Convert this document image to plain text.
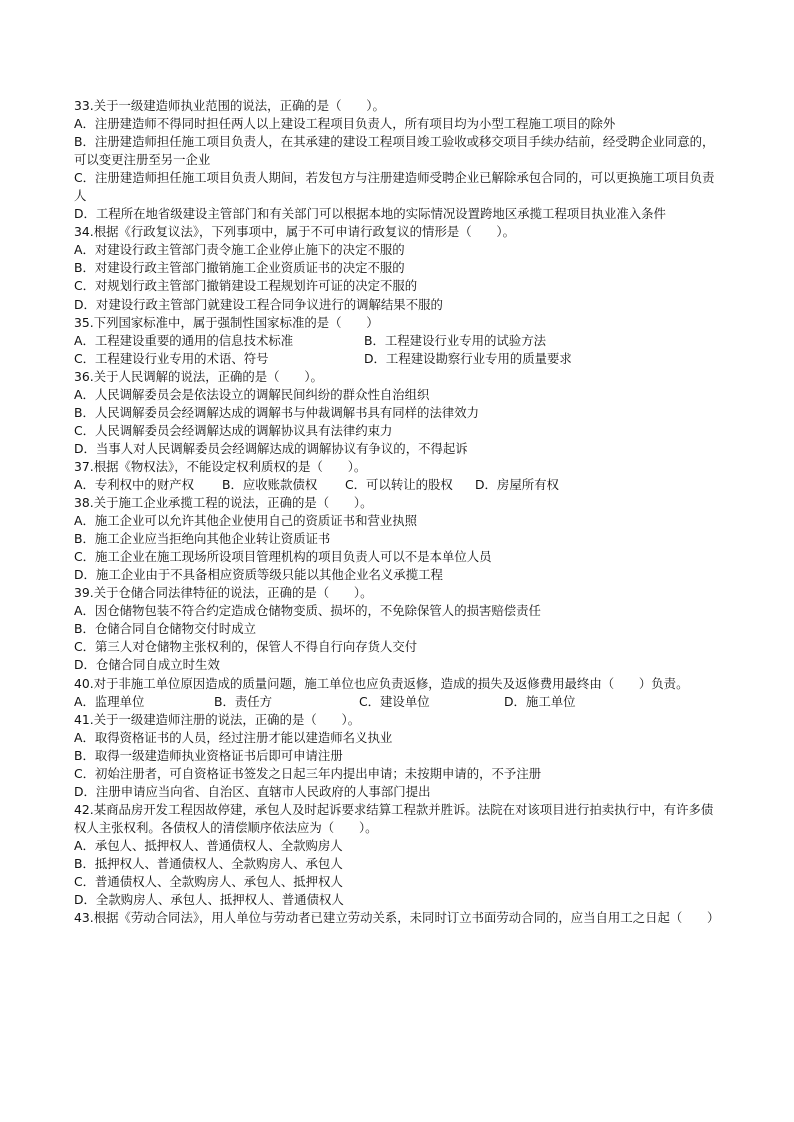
33.关于一级建造师执业范围的说法，正确的是（　　）。
A．注册建造师不得同时担任两人以上建设工程项目负责人，所有项目均为小型工程施工项目的除外
B．注册建造师担任施工项目负责人，在其承建的建设工程项目竣工验收或移交项目手续办结前，经受聘企业同意的，可以变更注册至另一企业
C．注册建造师担任施工项目负责人期间，若发包方与注册建造师受聘企业已解除承包合同的，可以更换施工项目负责人
D．工程所在地省级建设主管部门和有关部门可以根据本地的实际情况设置跨地区承揽工程项目执业准入条件
34.根据《行政复议法》，下列事项中，属于不可申请行政复议的情形是（　　）。
A．对建设行政主管部门责令施工企业停止施下的决定不服的
B．对建设行政主管部门撤销施工企业资质证书的决定不服的
C．对规划行政主管部门撤销建设工程规划许可证的决定不服的
D．对建设行政主管部门就建设工程合同争议进行的调解结果不服的
35.下列国家标准中，属于强制性国家标准的是（　　）
A．工程建设重要的通用的信息技术标准	B．工程建设行业专用的试验方法
C．工程建设行业专用的术语、符号	D．工程建设勘察行业专用的质量要求
36.关于人民调解的说法，正确的是（　　）。
A．人民调解委员会是依法设立的调解民间纠纷的群众性自治组织
B．人民调解委员会经调解达成的调解书与仲裁调解书具有同样的法律效力
C．人民调解委员会经调解达成的调解协议具有法律约束力
D．当事人对人民调解委员会经调解达成的调解协议有争议的，不得起诉
37.根据《物权法》，不能设定权利质权的是（　　）。
A．专利权中的财产权	B．应收账款债权	C．可以转让的股权	D．房屋所有权
38.关于施工企业承揽工程的说法，正确的是（　　）。
A．施工企业可以允许其他企业使用自己的资质证书和营业执照
B．施工企业应当拒绝向其他企业转让资质证书
C．施工企业在施工现场所设项目管理机构的项目负责人可以不是本单位人员
D．施工企业由于不具备相应资质等级只能以其他企业名义承揽工程
39.关于仓储合同法律特征的说法，正确的是（　　）。
A．因仓储物包装不符合约定造成仓储物变质、损坏的，不免除保管人的损害赔偿责任
B．仓储合同自仓储物交付时成立
C．第三人对仓储物主张权利的，保管人不得自行向存货人交付
D．仓储合同自成立时生效
40.对于非施工单位原因造成的质量问题，施工单位也应负责返修，造成的损失及返修费用最终由（　　）负责。
A．监理单位	B．责任方	C．建设单位	D．施工单位
41.关于一级建造师注册的说法，正确的是（　　）。
A．取得资格证书的人员，经过注册才能以建造师名义执业
B．取得一级建造师执业资格证书后即可申请注册
C．初始注册者，可自资格证书签发之日起三年内提出申请；未按期申请的，不予注册
D．注册申请应当向省、自治区、直辖市人民政府的人事部门提出
42.某商品房开发工程因故停建，承包人及时起诉要求结算工程款并胜诉。法院在对该项目进行拍卖执行中，有许多债权人主张权利。各债权人的清偿顺序依法应为（　　）。
A．承包人、抵押权人、普通债权人、全款购房人
B．抵押权人、普通债权人、全款购房人、承包人
C．普通债权人、全款购房人、承包人、抵押权人
D．全款购房人、承包人、抵押权人、普通债权人
43.根据《劳动合同法》，用人单位与劳动者已建立劳动关系，未同时订立书面劳动合同的，应当自用工之日起（　　）
